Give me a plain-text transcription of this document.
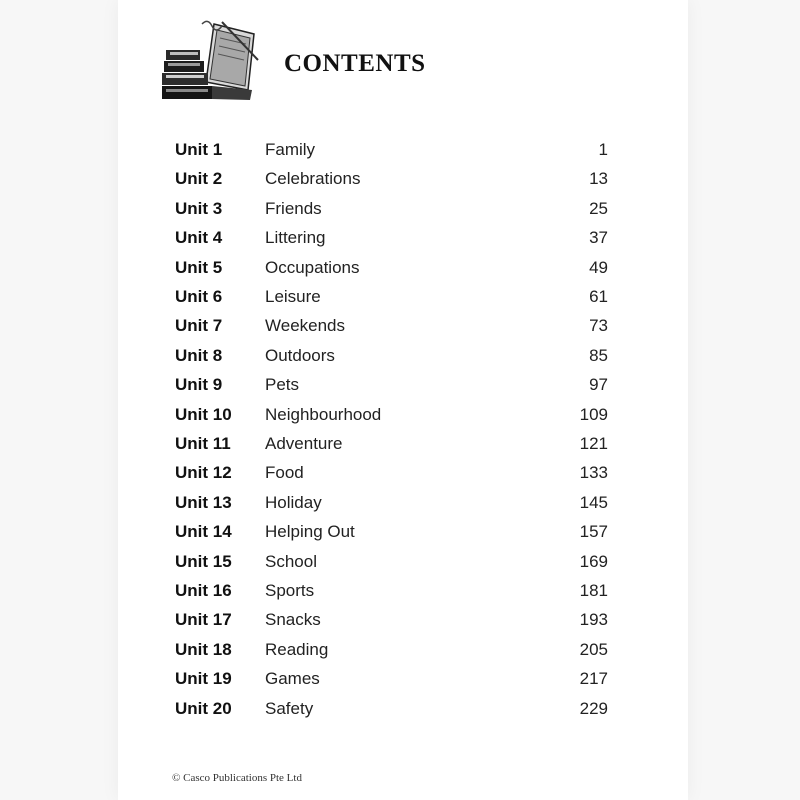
CONTENTS
Unit 1	Family	1
Unit 2	Celebrations	13
Unit 3	Friends	25
Unit 4	Littering	37
Unit 5	Occupations	49
Unit 6	Leisure	61
Unit 7	Weekends	73
Unit 8	Outdoors	85
Unit 9	Pets	97
Unit 10 Neighbourhood	109
Unit 11 Adventure	121
Unit 12 Food	133
Unit 13 Holiday	145
Unit 14 Helping Out	157
Unit 15 School	169
Unit 16 Sports	181
Unit 17 Snacks	193
Unit 18 Reading	205
Unit 19 Games	217
Unit 20 Safety	229
© Casco Publications Pte Ltd
